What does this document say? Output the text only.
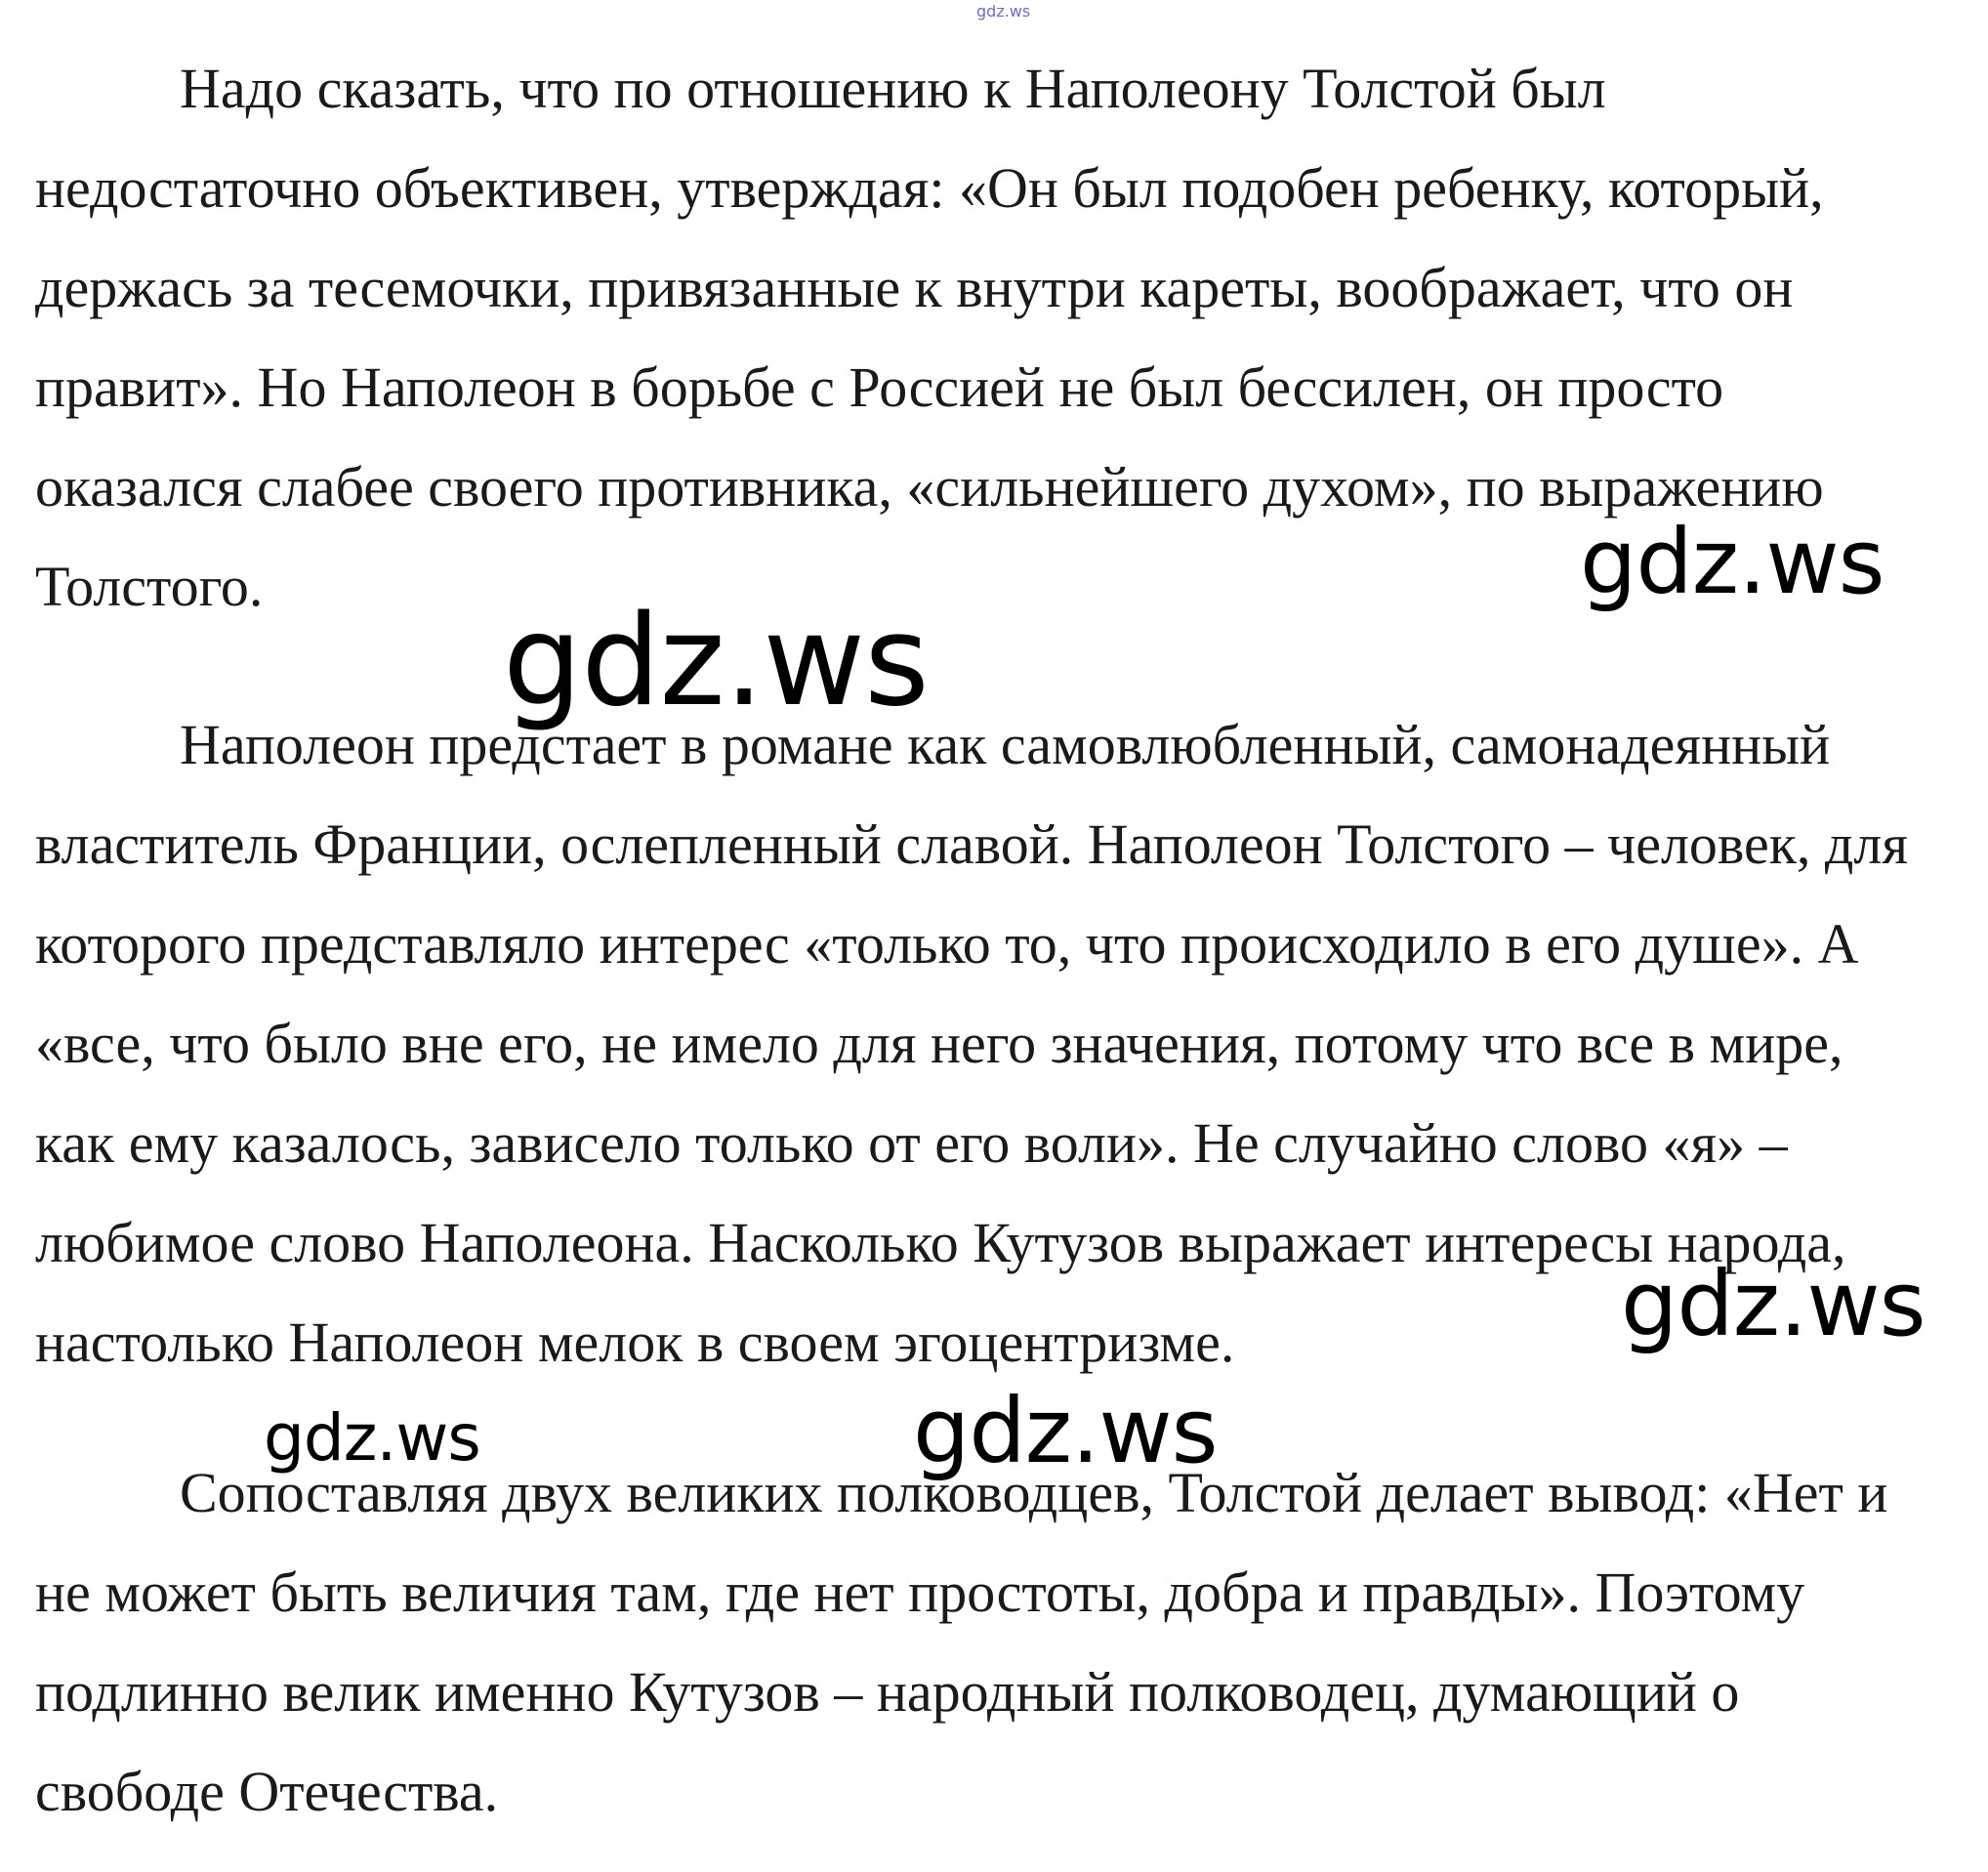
gdz.ws

Надо сказать, что по отношению к Наполеону Толстой был
недостаточно объективен, утверждая: «Он был подобен ребенку, который,
держась за тесемочки, привязанные к внутри кареты, воображает, что он
правит». Но Наполеон в борьбе с Россией не был бессилен, он просто
оказался слабее своего противника, «сильнейшего духом», по выражению
Толстого.

Наполеон предстает в романе как самовлюбленный, самонадеянный
властитель Франции, ослепленный славой. Наполеон Толстого – человек, для
которого представляло интерес «только то, что происходило в его душе». А
«все, что было вне его, не имело для него значения, потому что все в мире,
как ему казалось, зависело только от его воли». Не случайно слово «я» –
любимое слово Наполеона. Насколько Кутузов выражает интересы народа,
настолько Наполеон мелок в своем эгоцентризме.

Сопоставляя двух великих полководцев, Толстой делает вывод: «Нет и
не может быть величия там, где нет простоты, добра и правды». Поэтому
подлинно велик именно Кутузов – народный полководец, думающий о
свободе Отечества.

gdz.ws
gdz.ws
gdz.ws
gdz.ws	gdz.ws
